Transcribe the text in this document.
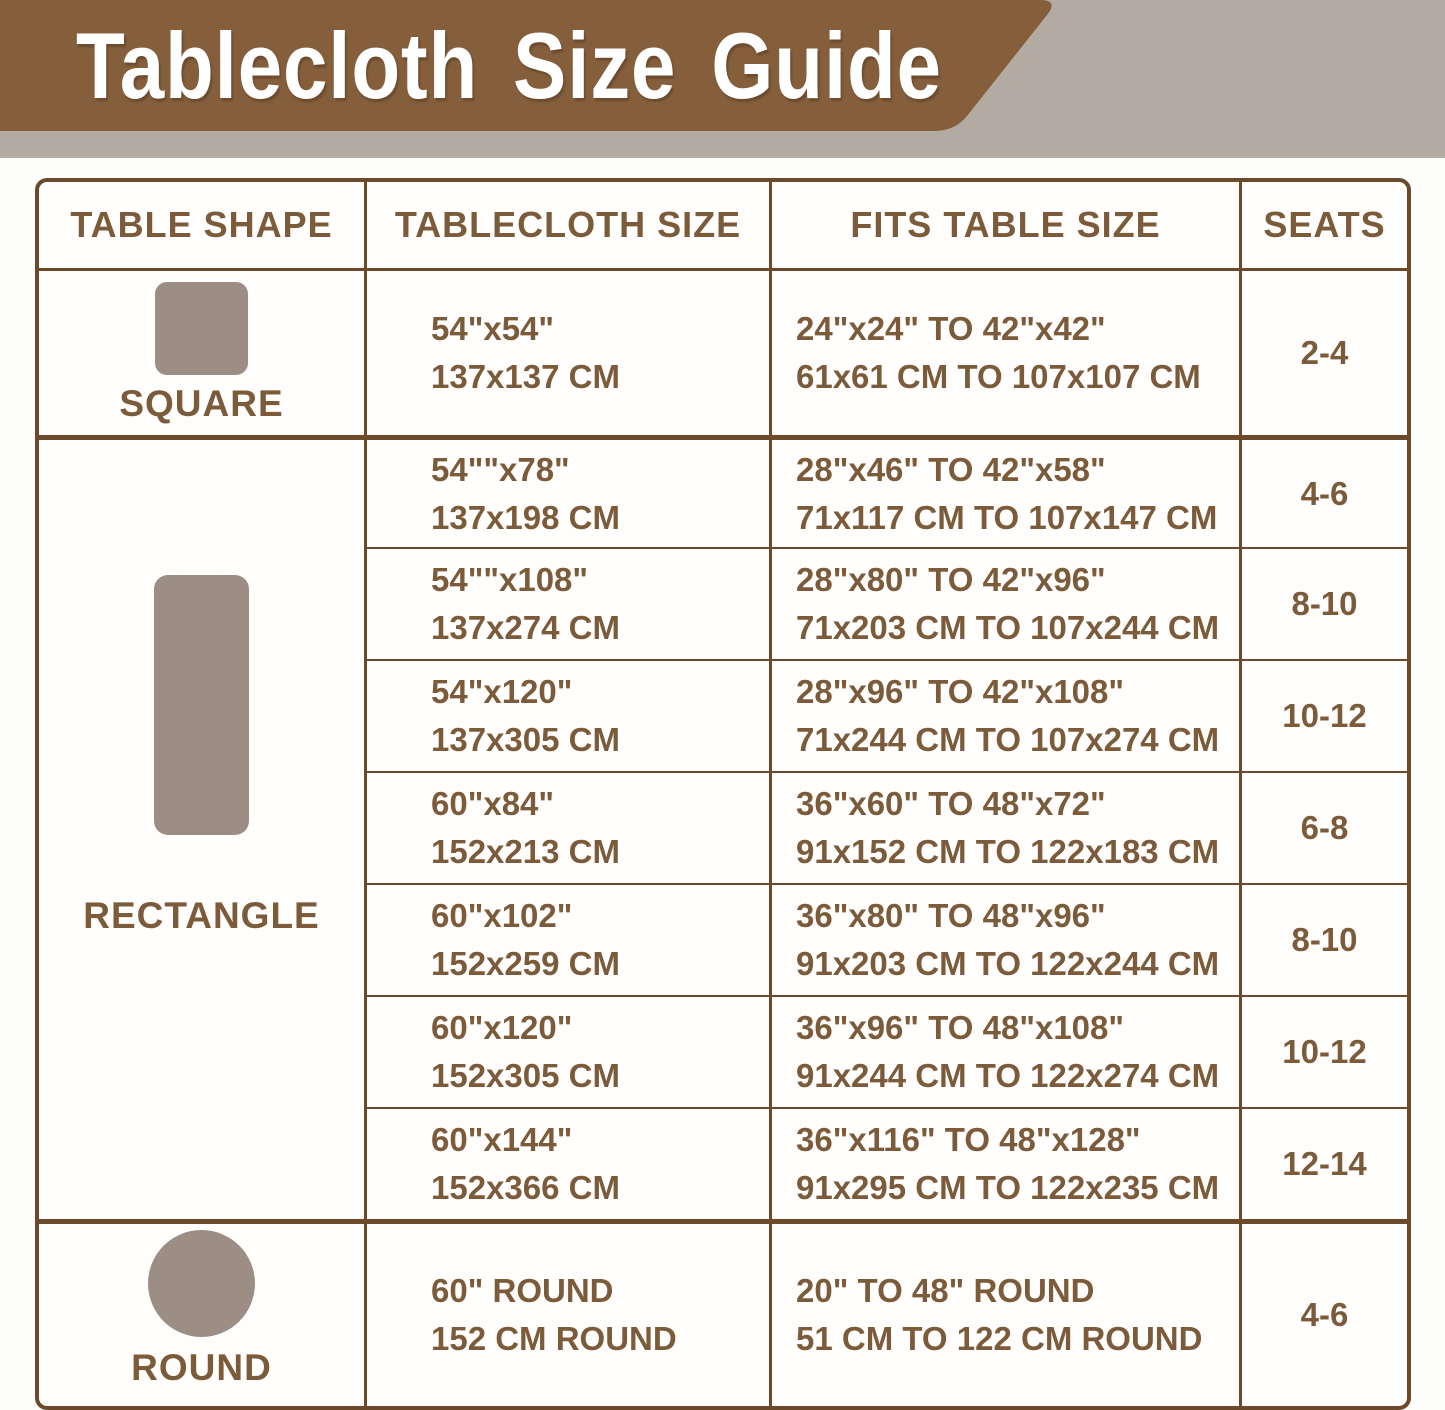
Tablecloth Size Guide
TABLE SHAPE TABLECLOTH SIZE	FITS TABLE SIZE	SEATS
SQUARE
54"x54"
137x137 CM
24"x24" TO 42"x42"
61x61 CM TO 107x107 CM
2-4
RECTANGLE
54""x78"
137x198 CM
28"x46" TO 42"x58"
71x117 CM TO 107x147 CM
4-6
54""x108"
137x274 CM
28"x80" TO 42"x96"
71x203 CM TO 107x244 CM
8-10
54"x120"
137x305 CM
28"x96" TO 42"x108"
71x244 CM TO 107x274 CM
10-12
60"x84"
152x213 CM
36"x60" TO 48"x72"
91x152 CM TO 122x183 CM
6-8
60"x102"
152x259 CM
36"x80" TO 48"x96"
91x203 CM TO 122x244 CM
8-10
60"x120"
152x305 CM
36"x96" TO 48"x108"
91x244 CM TO 122x274 CM
10-12
60"x144"
152x366 CM
36"x116" TO 48"x128"
91x295 CM TO 122x235 CM
12-14
ROUND
60" ROUND
152 CM ROUND
20" TO 48" ROUND
51 CM TO 122 CM ROUND
4-6
